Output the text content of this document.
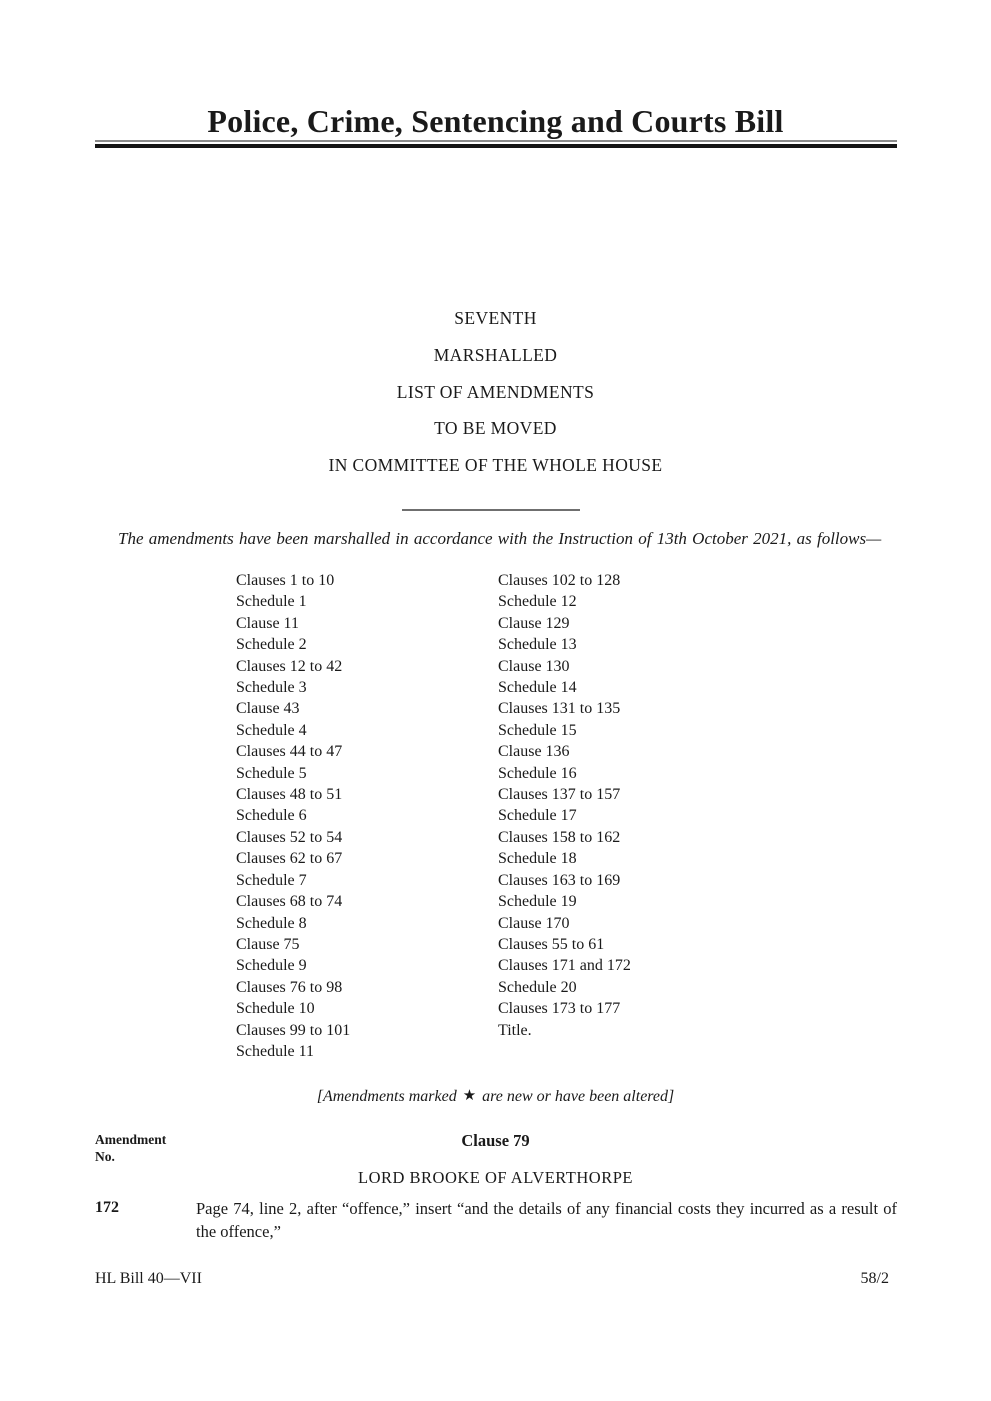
Police, Crime, Sentencing and Courts Bill
SEVENTH
MARSHALLED
LIST OF AMENDMENTS
TO BE MOVED
IN COMMITTEE OF THE WHOLE HOUSE

The amendments have been marshalled in accordance with the Instruction of 13th October 2021, as follows—

Clauses 1 to 10
Schedule 1
Clause 11
Schedule 2
Clauses 12 to 42
Schedule 3
Clause 43
Schedule 4
Clauses 44 to 47
Schedule 5
Clauses 48 to 51
Schedule 6
Clauses 52 to 54
Clauses 62 to 67
Schedule 7
Clauses 68 to 74
Schedule 8
Clause 75
Schedule 9
Clauses 76 to 98
Schedule 10
Clauses 99 to 101
Schedule 11
Clauses 102 to 128
Schedule 12
Clause 129
Schedule 13
Clause 130
Schedule 14
Clauses 131 to 135
Schedule 15
Clause 136
Schedule 16
Clauses 137 to 157
Schedule 17
Clauses 158 to 162
Schedule 18
Clauses 163 to 169
Schedule 19
Clause 170
Clauses 55 to 61
Clauses 171 and 172
Schedule 20
Clauses 173 to 177
Title.
[Amendments marked ★ are new or have been altered]
Amendment
No.
Clause 79
LORD BROOKE OF ALVERTHORPE
172	Page 74, line 2, after “offence,” insert “and the details of any financial costs they incurred as a result of the offence,”
HL Bill 40—VII	58/2
